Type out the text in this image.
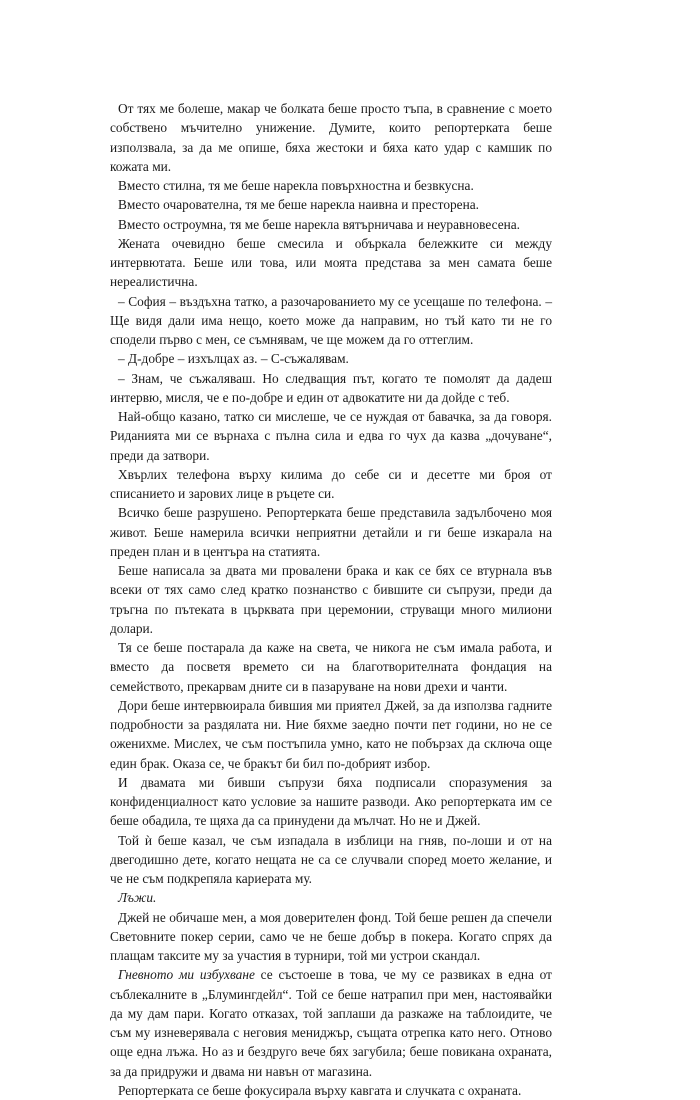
От тях ме болеше, макар че болката беше просто тъпа, в сравнение с моето собствено мъчително унижение. Думите, които репортерката беше използвала, за да ме опише, бяха жестоки и бяха като удар с камшик по кожата ми.

Вместо стилна, тя ме беше нарекла повърхностна и безвкусна.

Вместо очарователна, тя ме беше нарекла наивна и престорена.

Вместо остроумна, тя ме беше нарекла вятърничава и неуравновесена.

Жената очевидно беше смесила и объркала бележките си между интервютата. Беше или това, или моята представа за мен самата беше нереалистична.

– София – въздъхна татко, а разочарованието му се усещаше по телефона. – Ще видя дали има нещо, което може да направим, но тъй като ти не го сподели първо с мен, се съмнявам, че ще можем да го оттеглим.

– Д-добре – изхълцах аз. – С-съжалявам.

– Знам, че съжаляваш. Но следващия път, когато те помолят да дадеш интервю, мисля, че е по-добре и един от адвокатите ни да дойде с теб.

Най-общо казано, татко си мислеше, че се нуждая от бавачка, за да говоря. Риданията ми се върнаха с пълна сила и едва го чух да казва „дочуване“, преди да затвори.

Хвърлих телефона върху килима до себе си и десетте ми броя от списанието и зарових лице в ръцете си.

Всичко беше разрушено. Репортерката беше представила задълбочено моя живот. Беше намерила всички неприятни детайли и ги беше изкарала на преден план и в центъра на статията.

Беше написала за двата ми провалени брака и как се бях се втурнала във всеки от тях само след кратко познанство с бившите си съпрузи, преди да тръгна по пътеката в църквата при церемонии, струващи много милиони долари.

Тя се беше постарала да каже на света, че никога не съм имала работа, и вместо да посветя времето си на благотворителната фондация на семейството, прекарвам дните си в пазаруване на нови дрехи и чанти.

Дори беше интервюирала бившия ми приятел Джей, за да използва гадните подробности за раздялата ни. Ние бяхме заедно почти пет години, но не се оженихме. Мислех, че съм постъпила умно, като не побързах да сключа още един брак. Оказа се, че бракът би бил по-добрият избор.

И двамата ми бивши съпрузи бяха подписали споразумения за конфиденциалност като условие за нашите разводи. Ако репортерката им се беше обадила, те щяха да са принудени да мълчат. Но не и Джей.

Той ѝ беше казал, че съм изпадала в изблици на гняв, по-лоши и от на двегодишно дете, когато нещата не са се случвали според моето желание, и че не съм подкрепяла кариерата му.

Лъжи.

Джей не обичаше мен, а моя доверителен фонд. Той беше решен да спечели Световните покер серии, само че не беше добър в покера. Когато спрях да плащам таксите му за участия в турнири, той ми устрои скандал.

Гневното ми избухване се състоеше в това, че му се развиках в една от съблекалните в „Блумингдейл“. Той се беше натрапил при мен, настоявайки да му дам пари. Когато отказах, той заплаши да разкаже на таблоидите, че съм му изневерявала с неговия мениджър, същата отрепка като него. Отново още една лъжа. Но аз и бездруго вече бях загубила; беше повикана охраната, за да придружи и двама ни навън от магазина.

Репортерката се беше фокусирала върху кавгата и случката с охраната.
